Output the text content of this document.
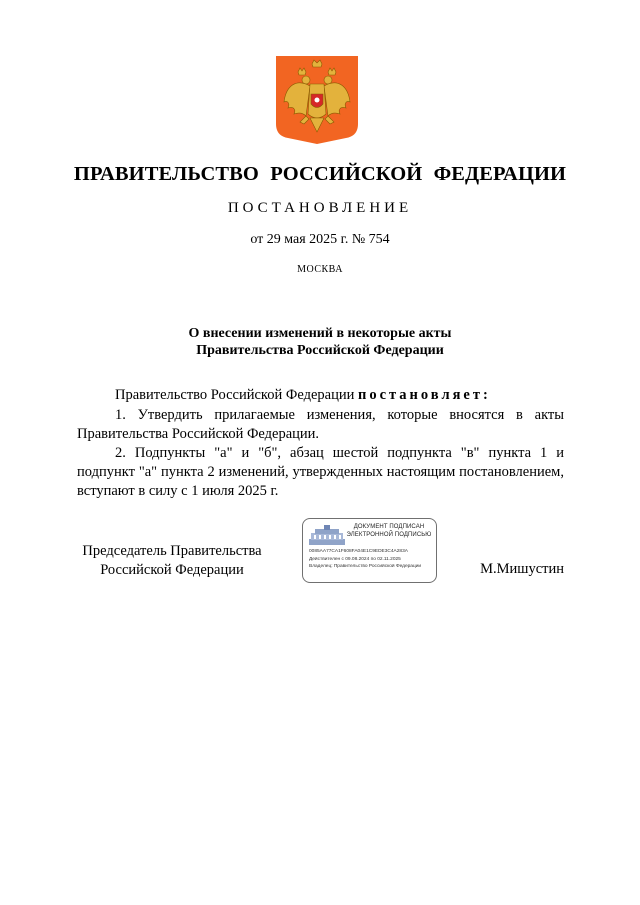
ПРАВИТЕЛЬСТВО РОССИЙСКОЙ ФЕДЕРАЦИИ
ПОСТАНОВЛЕНИЕ
от 29 мая 2025 г. № 754
МОСКВА
О внесении изменений в некоторые акты
Правительства Российской Федерации
Правительство Российской Федерации постановляет:
1. Утвердить прилагаемые изменения, которые вносятся в акты Правительства Российской Федерации.
2. Подпункты "а" и "б", абзац шестой подпункта "в" пункта 1 и подпункт "а" пункта 2 изменений, утвержденных настоящим постановлением, вступают в силу с 1 июля 2025 г.
Председатель Правительства
Российской Федерации
ДОКУМЕНТ ПОДПИСАН
ЭЛЕКТРОННОЙ ПОДПИСЬЮ
0085AA77CA1F608FA04E1C9EDE3C4A283A
Действителен с 09.08.2024 по 02.11.2025
Владелец: Правительство Российской Федерации	М.Мишустин
